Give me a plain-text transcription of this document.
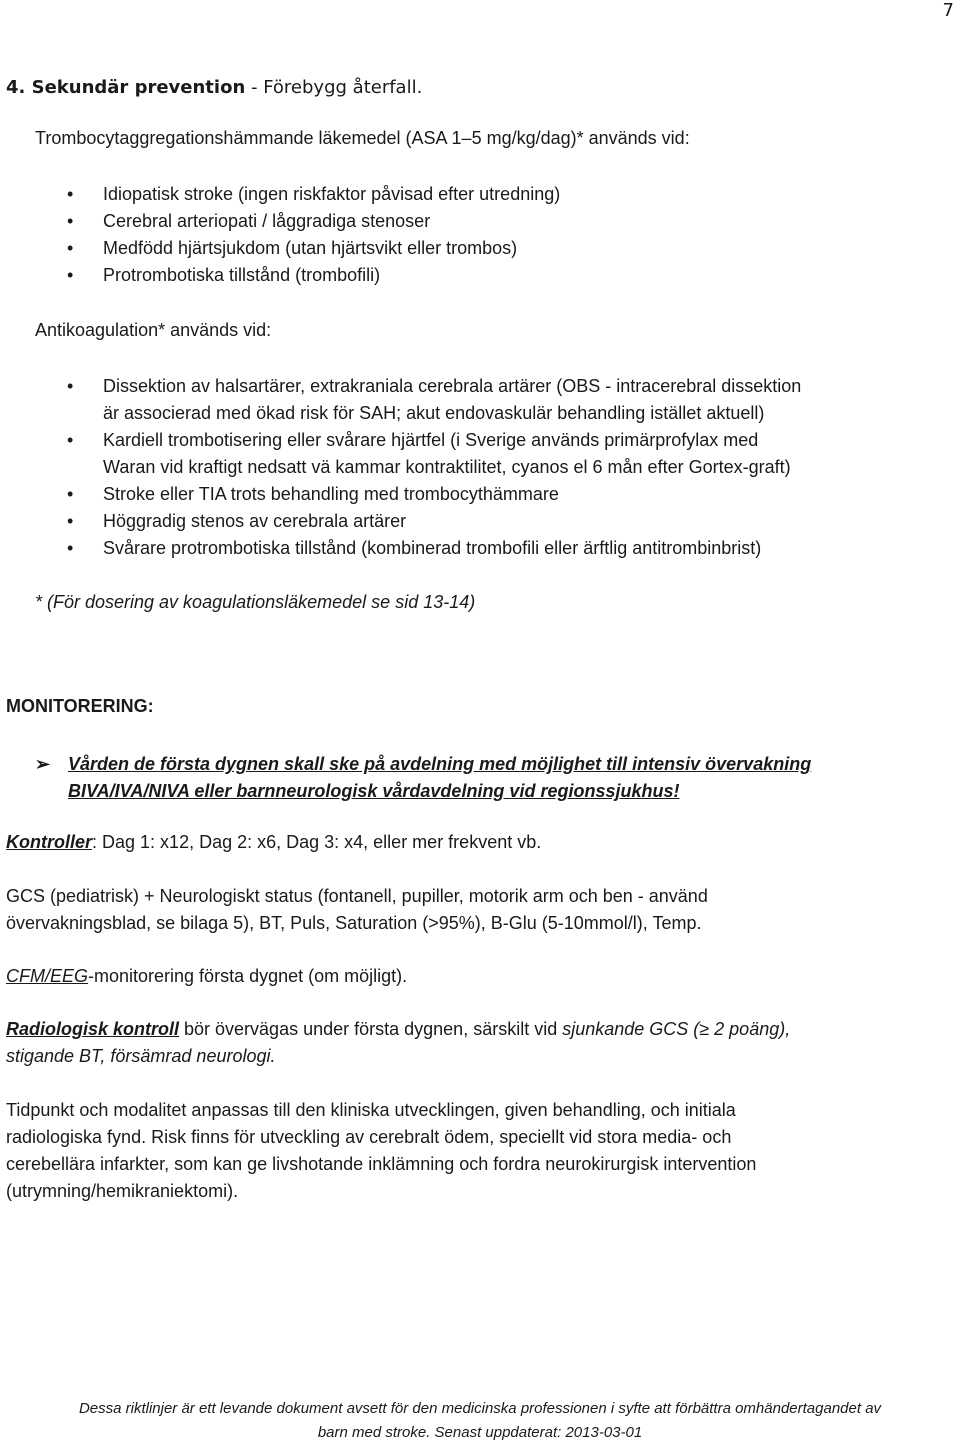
7
4. Sekundär prevention - Förebygg återfall.
Trombocytaggregationshämmande läkemedel (ASA 1–5 mg/kg/dag)* används vid:
• Idiopatisk stroke (ingen riskfaktor påvisad efter utredning)
• Cerebral arteriopati / låggradiga stenoser
• Medfödd hjärtsjukdom (utan hjärtsvikt eller trombos)
• Protrombotiska tillstånd (trombofili)
Antikoagulation* används vid:
• Dissektion av halsartärer, extrakraniala cerebrala artärer (OBS - intracerebral dissektion
är associerad med ökad risk för SAH; akut endovaskulär behandling istället aktuell)
• Kardiell trombotisering eller svårare hjärtfel (i Sverige används primärprofylax med
Waran vid kraftigt nedsatt vä kammar kontraktilitet, cyanos el 6 mån efter Gortex-graft)
• Stroke eller TIA trots behandling med trombocythämmare
• Höggradig stenos av cerebrala artärer
• Svårare protrombotiska tillstånd (kombinerad trombofili eller ärftlig antitrombinbrist)
* (För dosering av koagulationsläkemedel se sid 13-14)
MONITORERING:
➢ Vården de första dygnen skall ske på avdelning med möjlighet till intensiv övervakning
BIVA/IVA/NIVA eller barnneurologisk vårdavdelning vid regionssjukhus!
Kontroller: Dag 1: x12, Dag 2: x6, Dag 3: x4, eller mer frekvent vb.
GCS (pediatrisk) + Neurologiskt status (fontanell, pupiller, motorik arm och ben - använd
övervakningsblad, se bilaga 5), BT, Puls, Saturation (>95%), B-Glu (5-10mmol/l), Temp.
CFM/EEG-monitorering första dygnet (om möjligt).
Radiologisk kontroll bör övervägas under första dygnen, särskilt vid sjunkande GCS (≥ 2 poäng),
stigande BT, försämrad neurologi.
Tidpunkt och modalitet anpassas till den kliniska utvecklingen, given behandling, och initiala
radiologiska fynd. Risk finns för utveckling av cerebralt ödem, speciellt vid stora media- och
cerebellära infarkter, som kan ge livshotande inklämning och fordra neurokirurgisk intervention
(utrymning/hemikraniektomi).
Dessa riktlinjer är ett levande dokument avsett för den medicinska professionen i syfte att förbättra omhändertagandet av
barn med stroke. Senast uppdaterat: 2013-03-01
